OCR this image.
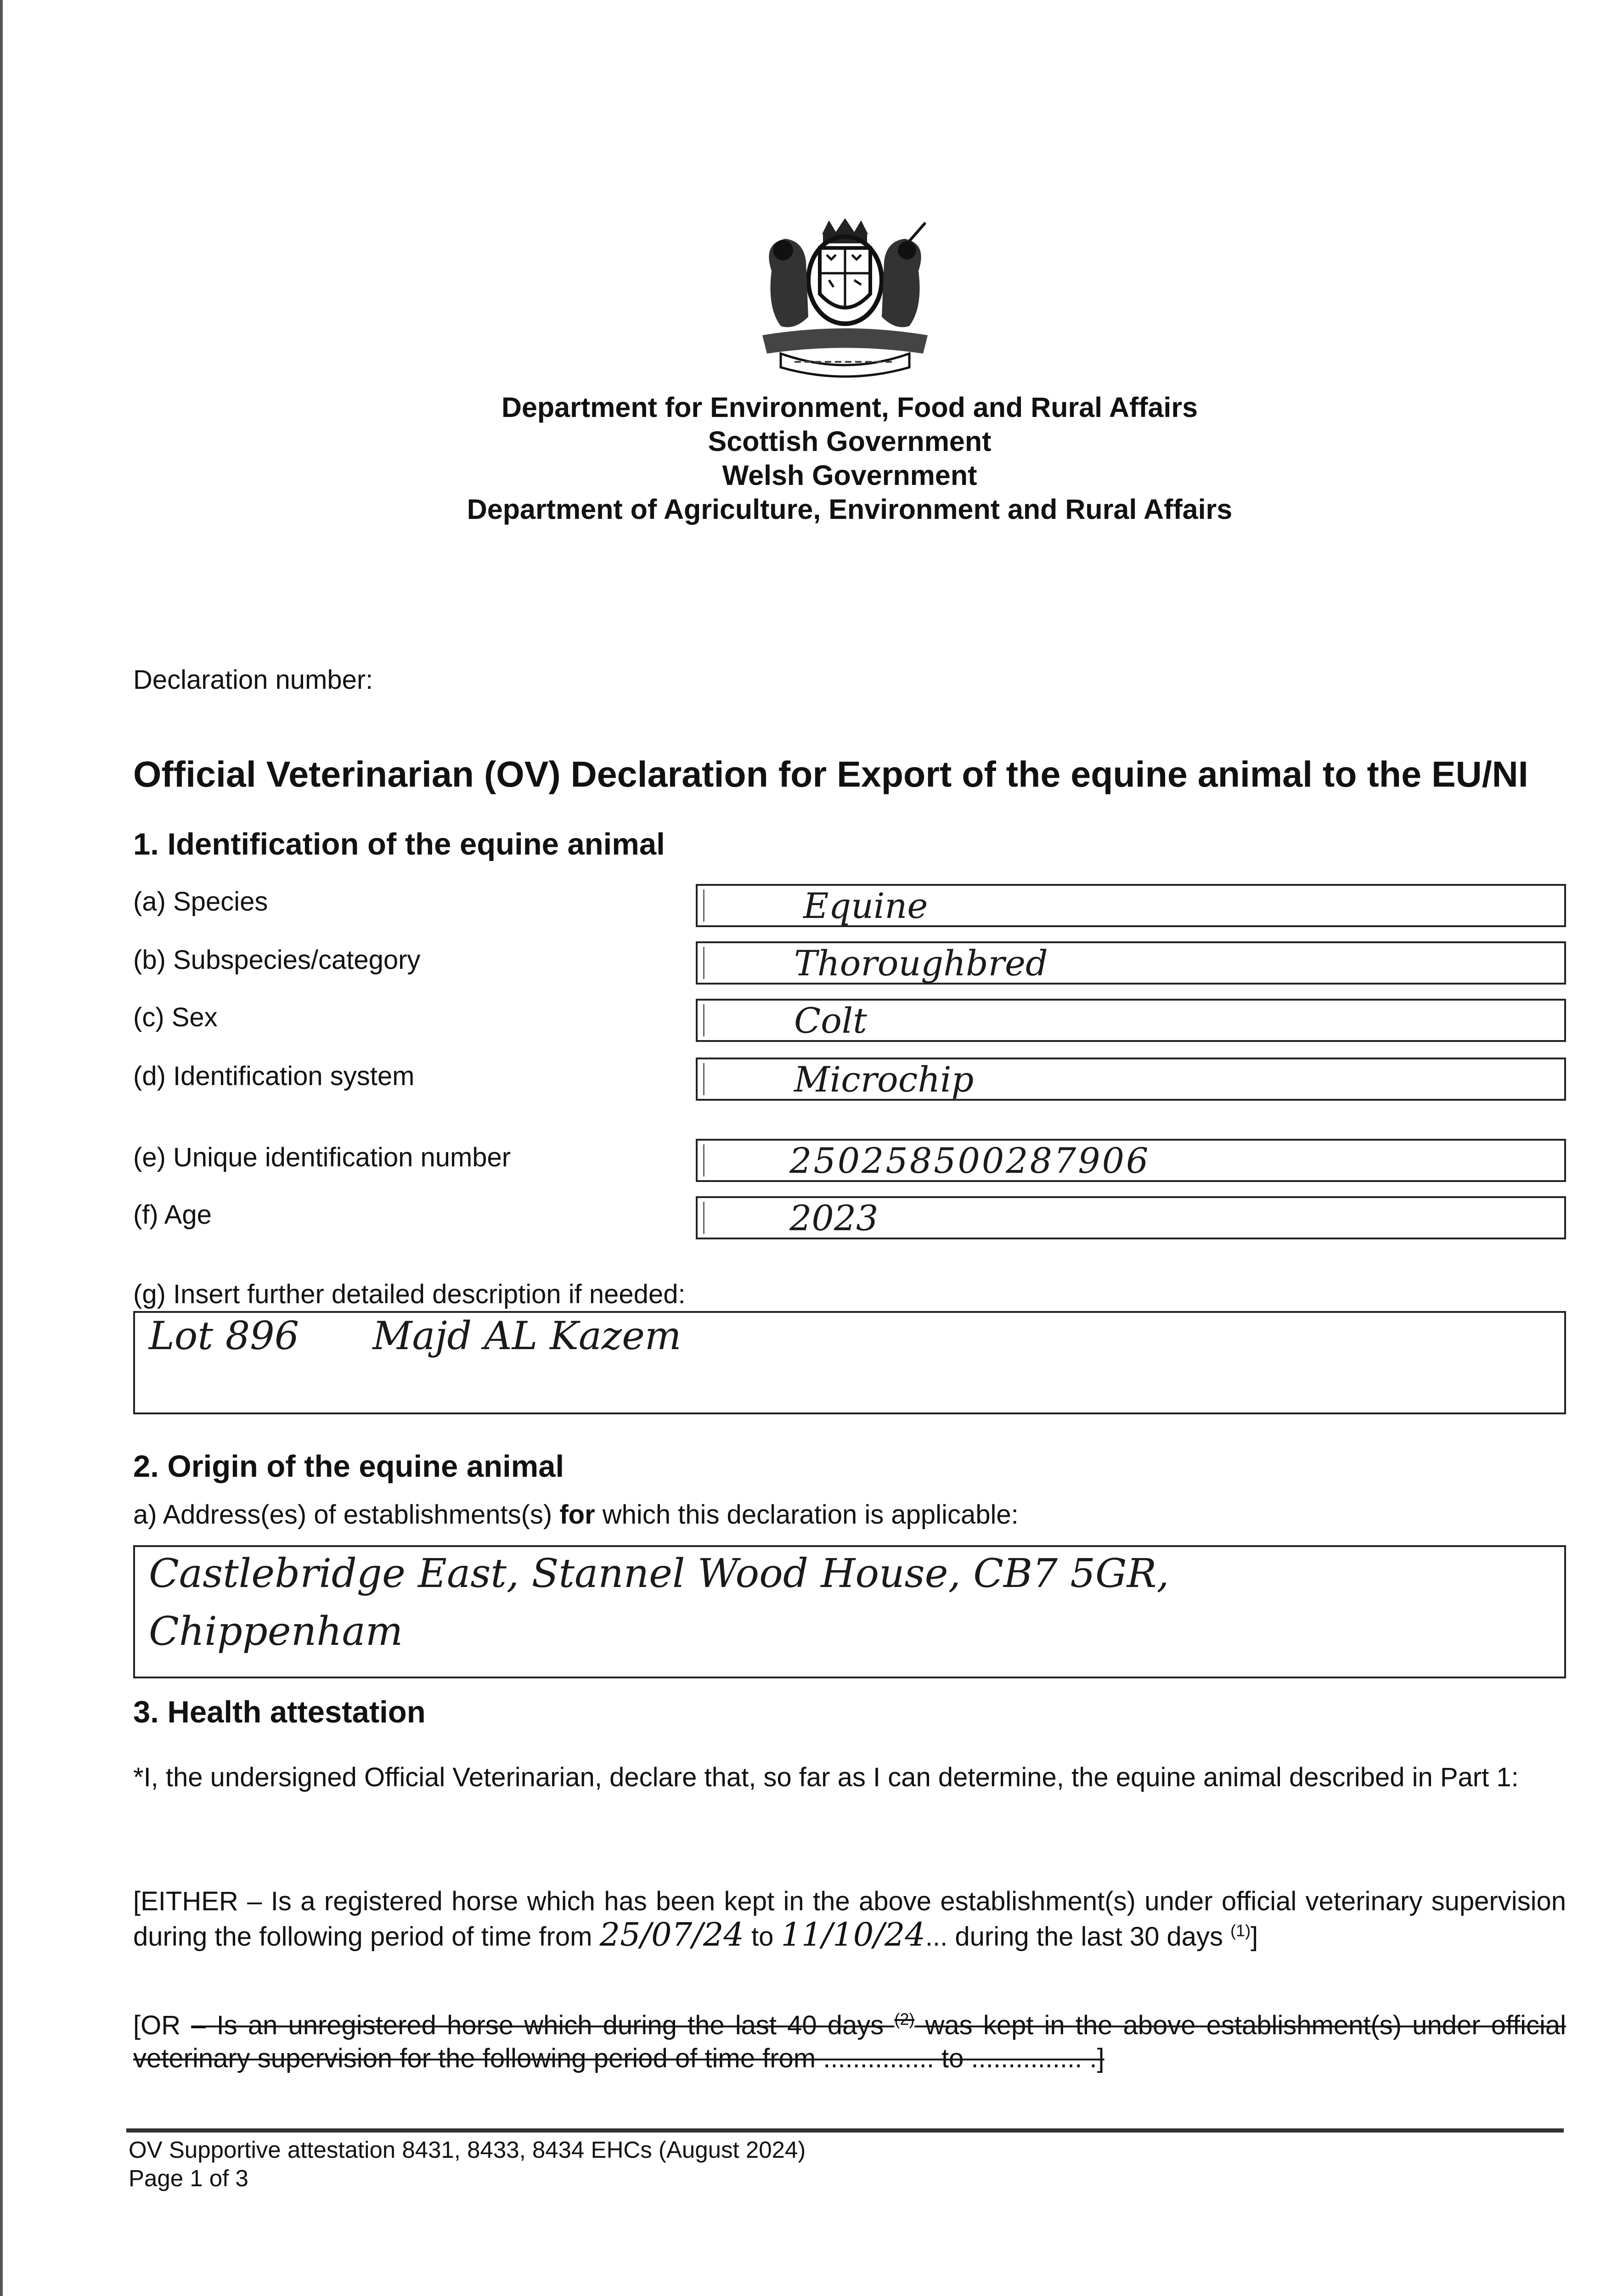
Department for Environment, Food and Rural Affairs
Scottish Government
Welsh Government
Department of Agriculture, Environment and Rural Affairs
Declaration number:
Official Veterinarian (OV) Declaration for Export of the equine animal to the EU/NI
1. Identification of the equine animal
(a) Species	Equine
(b) Subspecies/category	Thoroughbred
(c) Sex	Colt
(d) Identification system	Microchip
(e) Unique identification number	250258500287906
(f) Age	2023
(g) Insert further detailed description if needed:
Lot 896      Majd AL Kazem
2. Origin of the equine animal
a) Address(es) of establishments(s) for which this declaration is applicable:
Castlebridge East, Stannel Wood House, CB7 5GR,
Chippenham
3. Health attestation
*I, the undersigned Official Veterinarian, declare that, so far as I can determine, the equine animal described in Part 1:
[EITHER – Is a registered horse which has been kept in the above establishment(s) under official veterinary supervision during the following period of time from 25/07/24 to 11/10/24... during the last 30 days $^{(1)}$]
[OR – Is an unregistered horse which during the last 40 days $^{(2)}$ was kept in the above establishment(s) under official veterinary supervision for the following period of time from ............... to ............... .]
OV Supportive attestation 8431, 8433, 8434 EHCs (August 2024)
Page 1 of 3
